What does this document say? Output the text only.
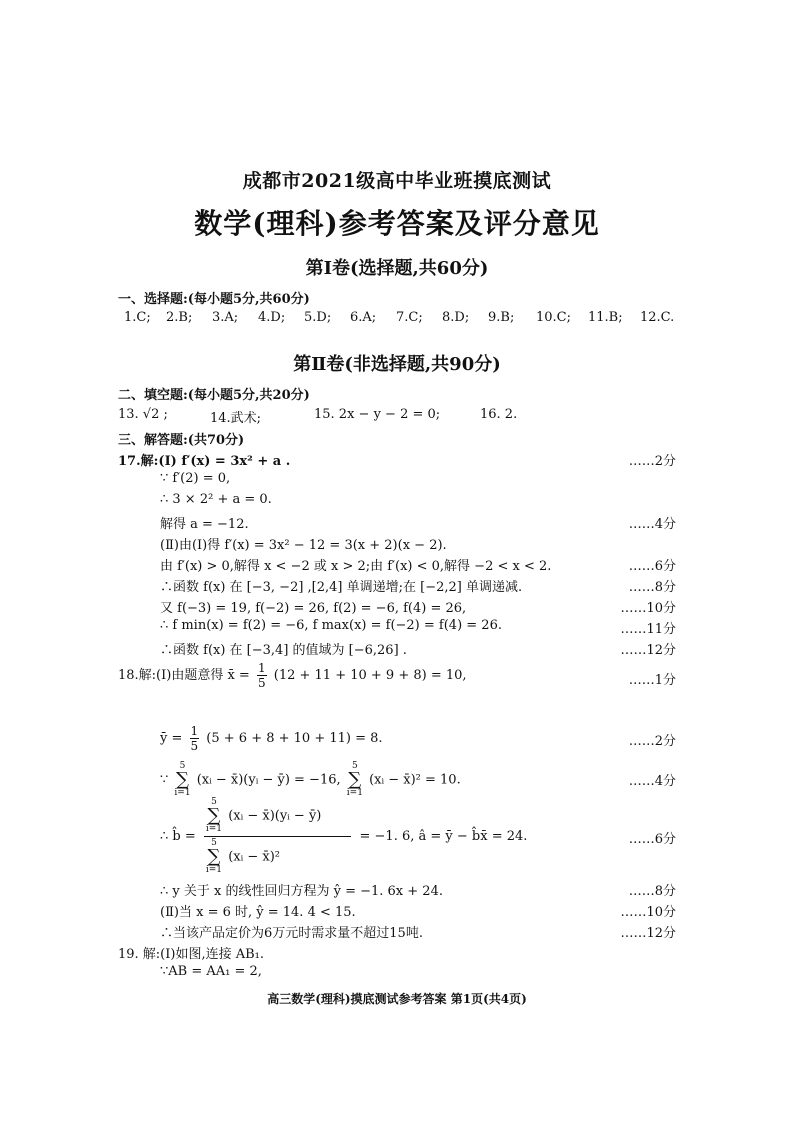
成都市2021级高中毕业班摸底测试
数学(理科)参考答案及评分意见
第Ⅰ卷(选择题,共60分)
一、选择题:(每小题5分,共60分)
1.C;	2.B;	3.A;	4.D;	5.D;	6.A;	7.C;	8.D;	9.B;	10.C;	11.B;	12.C.
第Ⅱ卷(非选择题,共90分)
二、填空题:(每小题5分,共20分)
13. √2 ;	14.武术;	15. 2x − y − 2 = 0;	16. 2.
三、解答题:(共70分)
17.解:(Ⅰ) f′(x) = 3x² + a .	……2分
∵ f′(2) = 0,
∴ 3 × 2² + a = 0.
解得 a = −12.	……4分
(Ⅱ)由(Ⅰ)得 f′(x) = 3x² − 12 = 3(x + 2)(x − 2).
由 f′(x) > 0,解得 x < −2 或 x > 2;由 f′(x) < 0,解得 −2 < x < 2.	……6分
∴函数 f(x) 在 [−3, −2] ,[2,4] 单调递增;在 [−2,2] 单调递减.	……8分
又 f(−3) = 19, f(−2) = 26, f(2) = −6, f(4) = 26,	……10分
∴ f min(x) = f(2) = −6, f max(x) = f(−2) = f(4) = 26.	……11分
∴函数 f(x) 在 [−3,4] 的值域为 [−6,26] .	……12分
18.解:(Ⅰ)由题意得 x̄ = $\frac{1}{5} (12 + 11 + 10 + 9 + 8) = 10$,	……1分
ȳ = $\frac{1}{5} (5 + 6 + 8 + 10 + 11) = 8$.	……2分
∵ 5
∑
i=1 (xᵢ − x̄)(yᵢ − ȳ) = −16, 5
∑
i=1 (xᵢ − x̄)² = 10.	……4分
∴ b̂ = 5
∑
i=1 (xᵢ − x̄)(yᵢ − ȳ)
5
∑
i=1 (xᵢ − x̄)² = −1. 6, â = ȳ − b̂x̄ = 24.	……6分
∴ y 关于 x 的线性回归方程为 ŷ = −1. 6x + 24.	……8分
(Ⅱ)当 x = 6 时, ŷ = 14. 4 < 15.	……10分
∴当该产品定价为6万元时需求量不超过15吨.	……12分
19. 解:(Ⅰ)如图,连接 AB₁.
∵AB = AA₁ = 2,
高三数学(理科)摸底测试参考答案 第1页(共4页)
